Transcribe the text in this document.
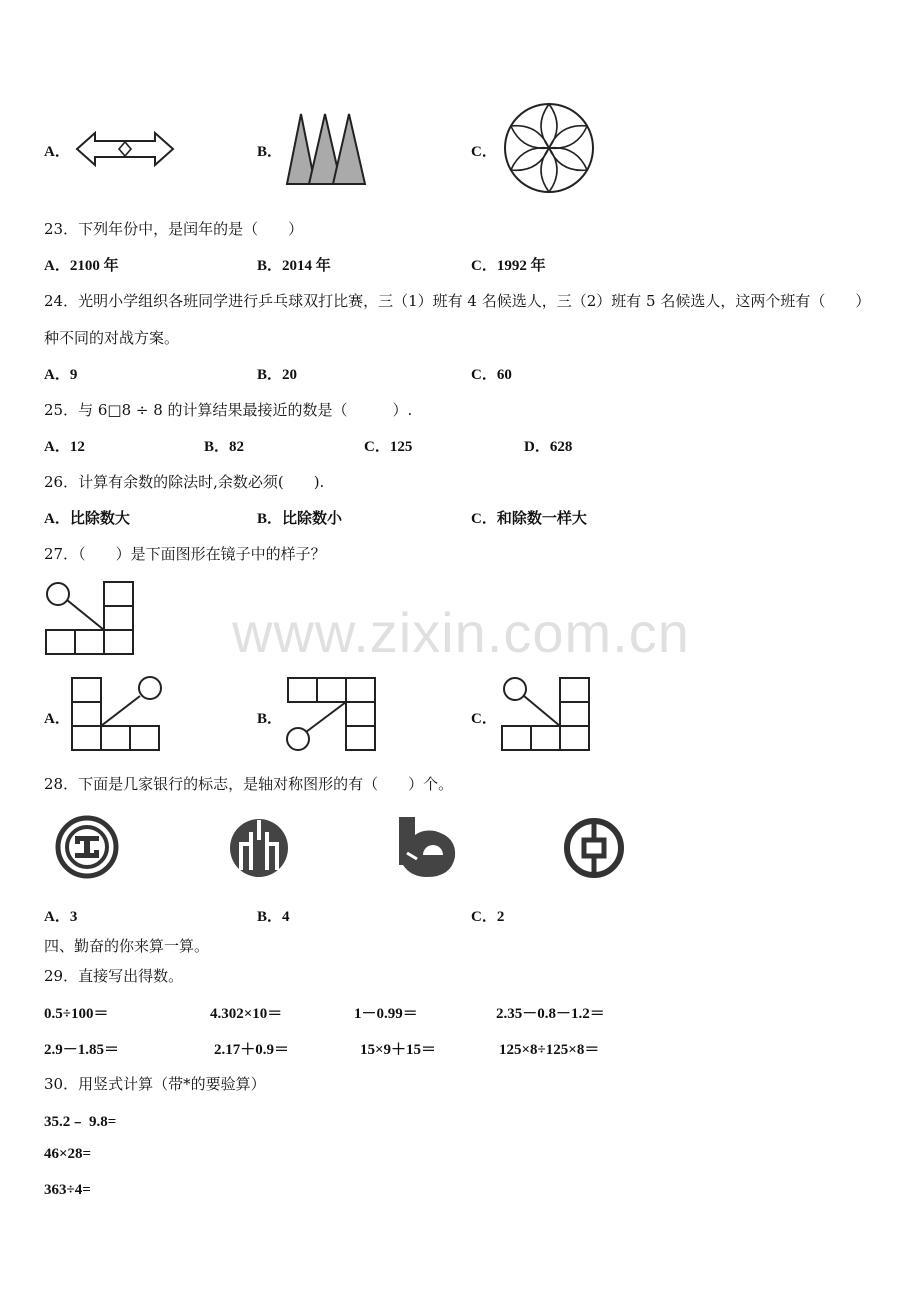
www.zixin.com.cn
A．	B．	C．
23．下列年份中，是闰年的是（　　）
A．2100 年	B．2014 年	C．1992 年
24．光明小学组织各班同学进行乒乓球双打比赛，三（1）班有 4 名候选人，三（2）班有 5 名候选人，这两个班有（　　）
种不同的对战方案。
A．9	B．20	C．60
25．与 6□8 ÷ 8 的计算结果最接近的数是（　　　）.
A．12	B．82	C．125	D．628
26．计算有余数的除法时,余数必须(　　).
A．比除数大	B．比除数小	C．和除数一样大
27．（　　）是下面图形在镜子中的样子？
A．	B．	C．
28．下面是几家银行的标志，是轴对称图形的有（　　）个。
A．3	B．4	C．2
四、勤奋的你来算一算。
29．直接写出得数。
0.5÷100＝	4.302×10＝	1－0.99＝	2.35－0.8－1.2＝
2.9－1.85＝	2.17＋0.9＝	15×9＋15＝	125×8÷125×8＝
30．用竖式计算（带*的要验算）
35.2﹣ 9.8=
46×28=
363÷4=
